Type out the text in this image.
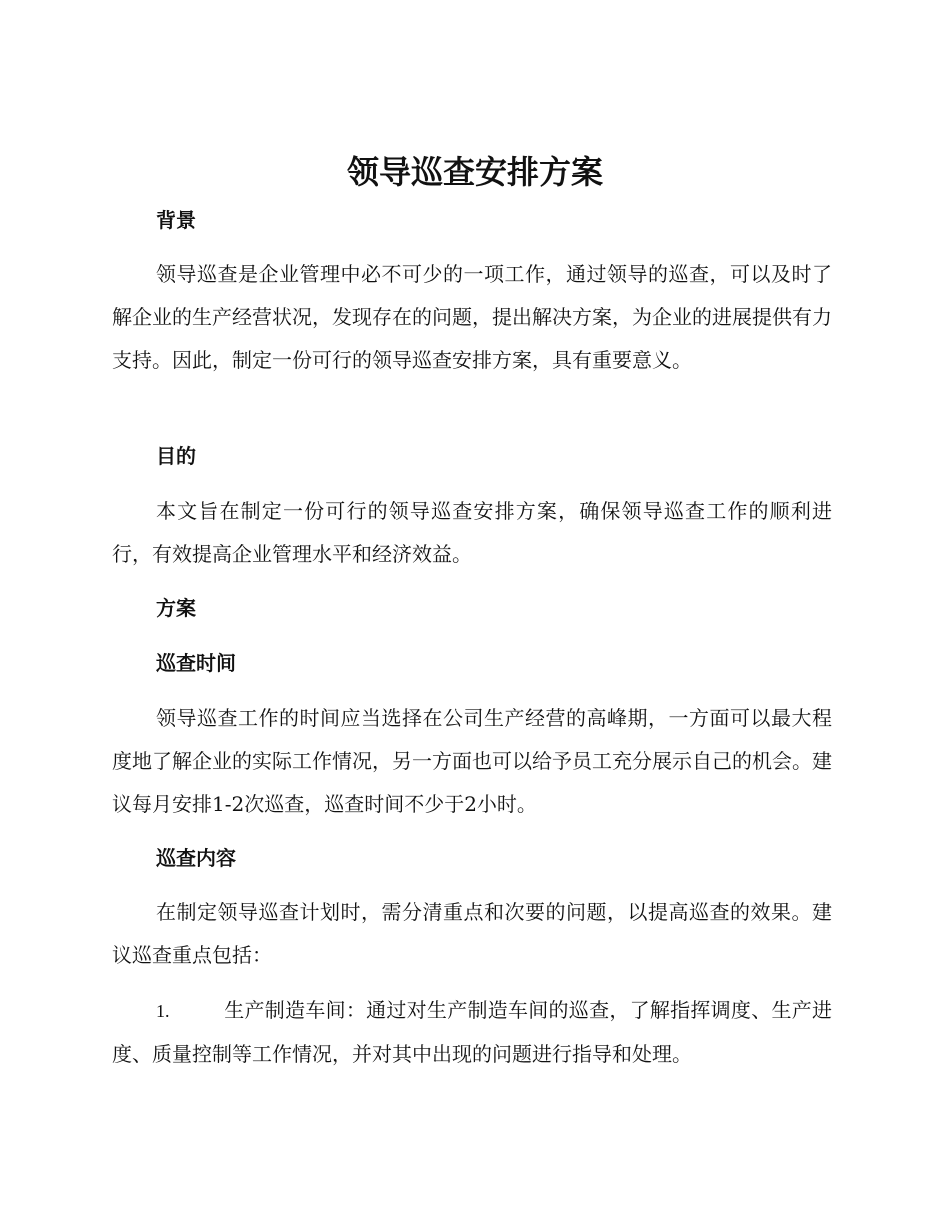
领导巡查安排方案
背景

领导巡查是企业管理中必不可少的一项工作，通过领导的巡查，可以及时了解企业的生产经营状况，发现存在的问题，提出解决方案，为企业的进展提供有力支持。因此，制定一份可行的领导巡查安排方案，具有重要意义。

目的

本文旨在制定一份可行的领导巡查安排方案，确保领导巡查工作的顺利进行，有效提高企业管理水平和经济效益。

方案
巡查时间

领导巡查工作的时间应当选择在公司生产经营的高峰期，一方面可以最大程度地了解企业的实际工作情况，另一方面也可以给予员工充分展示自己的机会。建议每月安排1-2次巡查，巡查时间不少于2小时。

巡查内容

在制定领导巡查计划时，需分清重点和次要的问题，以提高巡查的效果。建议巡查重点包括：

1.	生产制造车间：通过对生产制造车间的巡查，了解指挥调度、生产进度、质量控制等工作情况，并对其中出现的问题进行指导和处理。
